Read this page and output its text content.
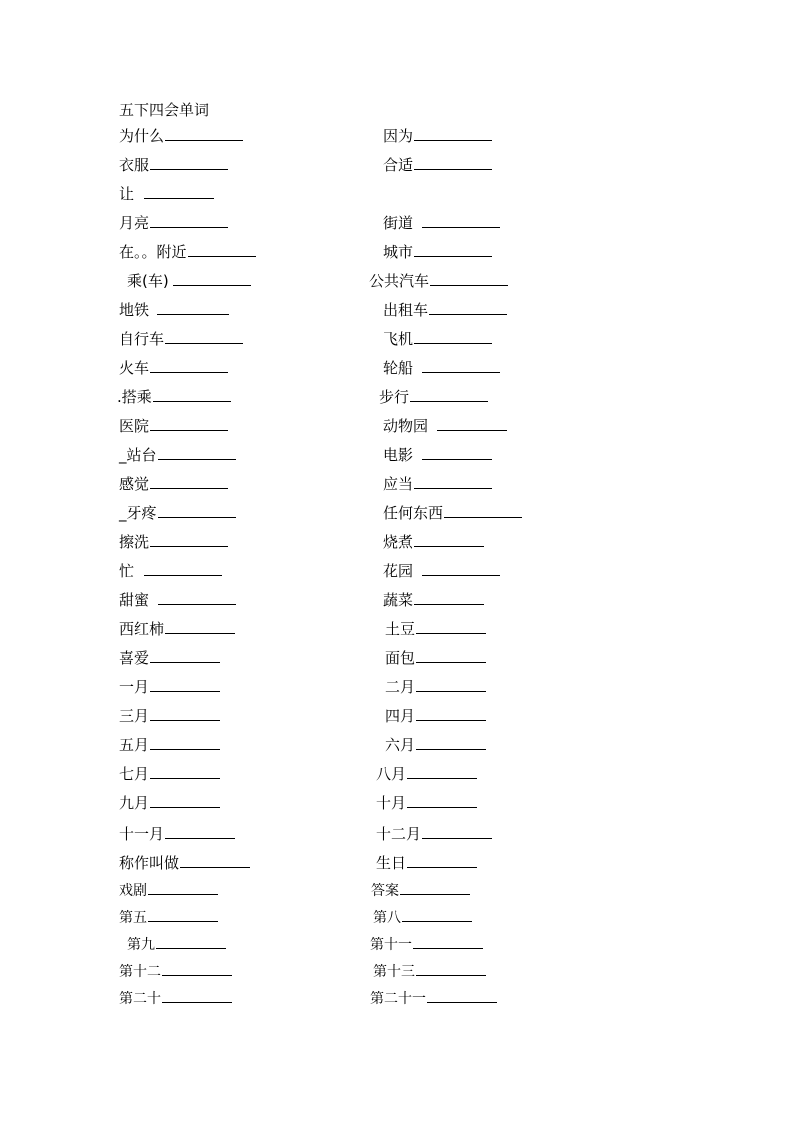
五下四会单词
为什么	因为
衣服	合适
让
月亮	街道
在。。附近	城市
乘(车)	公共汽车
地铁	出租车
自行车	飞机
火车	轮船
.搭乘	步行
医院	动物园
_站台	电影
感觉	应当
_牙疼	任何东西
擦洗	烧煮
忙	花园
甜蜜	蔬菜
西红柿	土豆
喜爱	面包
一月	二月
三月	四月
五月	六月
七月	八月
九月	十月
十一月	十二月
称作叫做	生日
戏剧	答案
第五	第八
第九	第十一
第十二	第十三
第二十	第二十一
